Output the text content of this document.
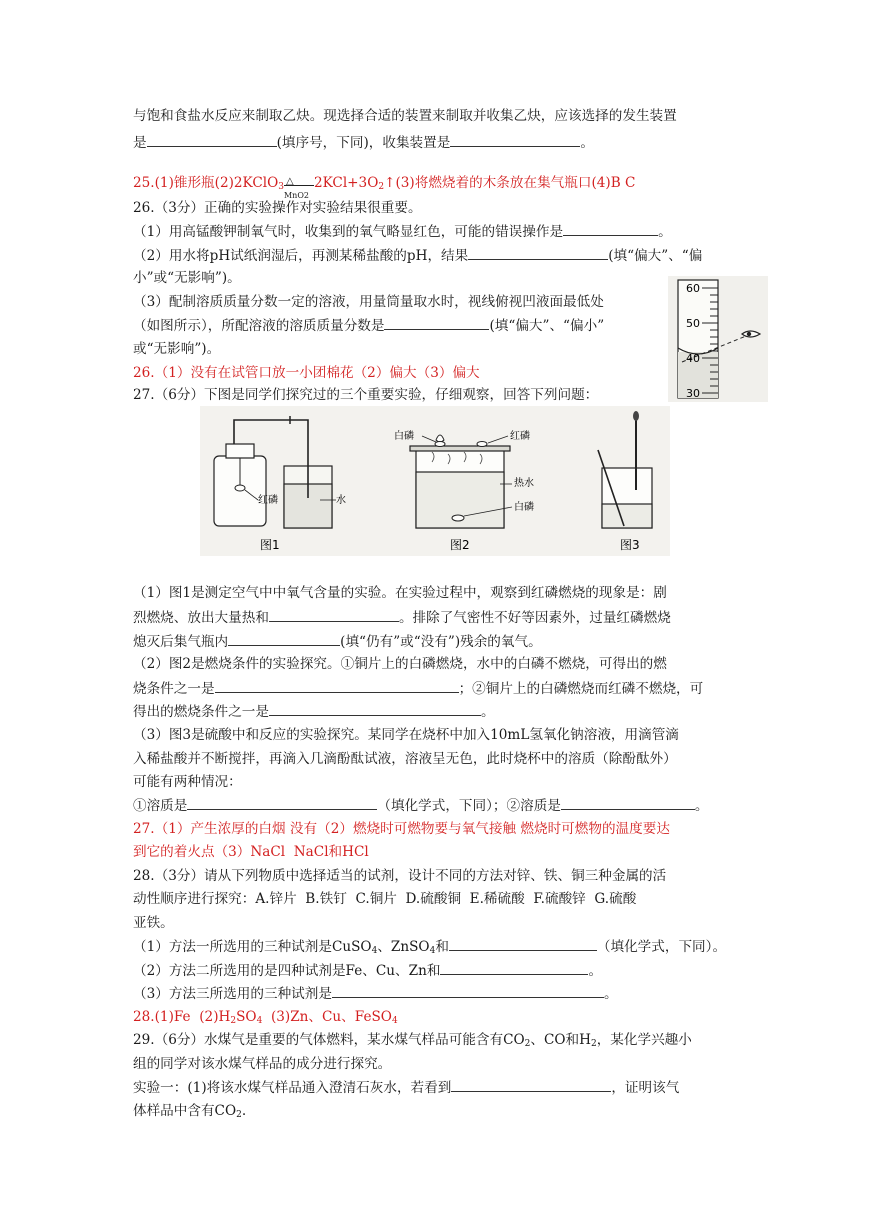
与饱和食盐水反应来制取乙炔。现选择合适的装置来制取并收集乙炔，应该选择的发生装置
是	(填序号，下同)，收集装置是	。
25.(1)锥形瓶(2)2KClO$_3$ △
MnO2
$2KCl+3O_2↑(3)$将燃烧着的木条放在集气瓶口(4)B C
26.（3分）正确的实验操作对实验结果很重要。
（1）用高锰酸钾制氧气时，收集到的氧气略显红色，可能的错误操作是	。
（2）用水将pH试纸润湿后，再测某稀盐酸的pH，结果	(填“偏大”、“偏
小”或“无影响”)。
（3）配制溶质质量分数一定的溶液，用量筒量取水时，视线俯视凹液面最低处
（如图所示），所配溶液的溶质质量分数是	(填“偏大”、“偏小”
或“无影响”)。
26.（1）没有在试管口放一小团棉花（2）偏大（3）偏大
27.（6分）下图是同学们探究过的三个重要实验，仔细观察，回答下列问题：
60
50
40
30
红磷	水
图1
白磷	红磷
热水
白磷
图2	图3
（1）图1是测定空气中中氧气含量的实验。在实验过程中，观察到红磷燃烧的现象是：剧
烈燃烧、放出大量热和	。排除了气密性不好等因素外，过量红磷燃烧
熄灭后集气瓶内	(填“仍有”或“没有”)残余的氧气。
（2）图2是燃烧条件的实验探究。①铜片上的白磷燃烧，水中的白磷不燃烧，可得出的燃
烧条件之一是	；②铜片上的白磷燃烧而红磷不燃烧，可
得出的燃烧条件之一是	。
（3）图3是硫酸中和反应的实验探究。某同学在烧杯中加入10mL氢氧化钠溶液，用滴管滴
入稀盐酸并不断搅拌，再滴入几滴酚酞试液，溶液呈无色，此时烧杯中的溶质（除酚酞外）
可能有两种情况：
①溶质是	（填化学式，下同）；②溶质是	。
27.（1）产生浓厚的白烟 没有（2）燃烧时可燃物要与氧气接触 燃烧时可燃物的温度要达
到它的着火点（3）NaCl  NaCl和HCl
28.（3分）请从下列物质中选择适当的试剂，设计不同的方法对锌、铁、铜三种金属的活
动性顺序进行探究：A.锌片  B.铁钉  C.铜片  D.硫酸铜  E.稀硫酸  F.硫酸锌  G.硫酸
亚铁。
（1）方法一所选用的三种试剂是CuSO$_4$、ZnSO$_4$和	（填化学式，下同）。
（2）方法二所选用的是四种试剂是Fe、Cu、Zn和	。
（3）方法三所选用的三种试剂是	。
28.(1)Fe  $(2)H_2SO_4$  (3)Zn、Cu、FeSO$_4$
29.（6分）水煤气是重要的气体燃料，某水煤气样品可能含有$CO_2$、CO和$H_2$，某化学兴趣小
组的同学对该水煤气样品的成分进行探究。
实验一：(1)将该水煤气样品通入澄清石灰水，若看到	，证明该气
体样品中含有$CO_2$.
